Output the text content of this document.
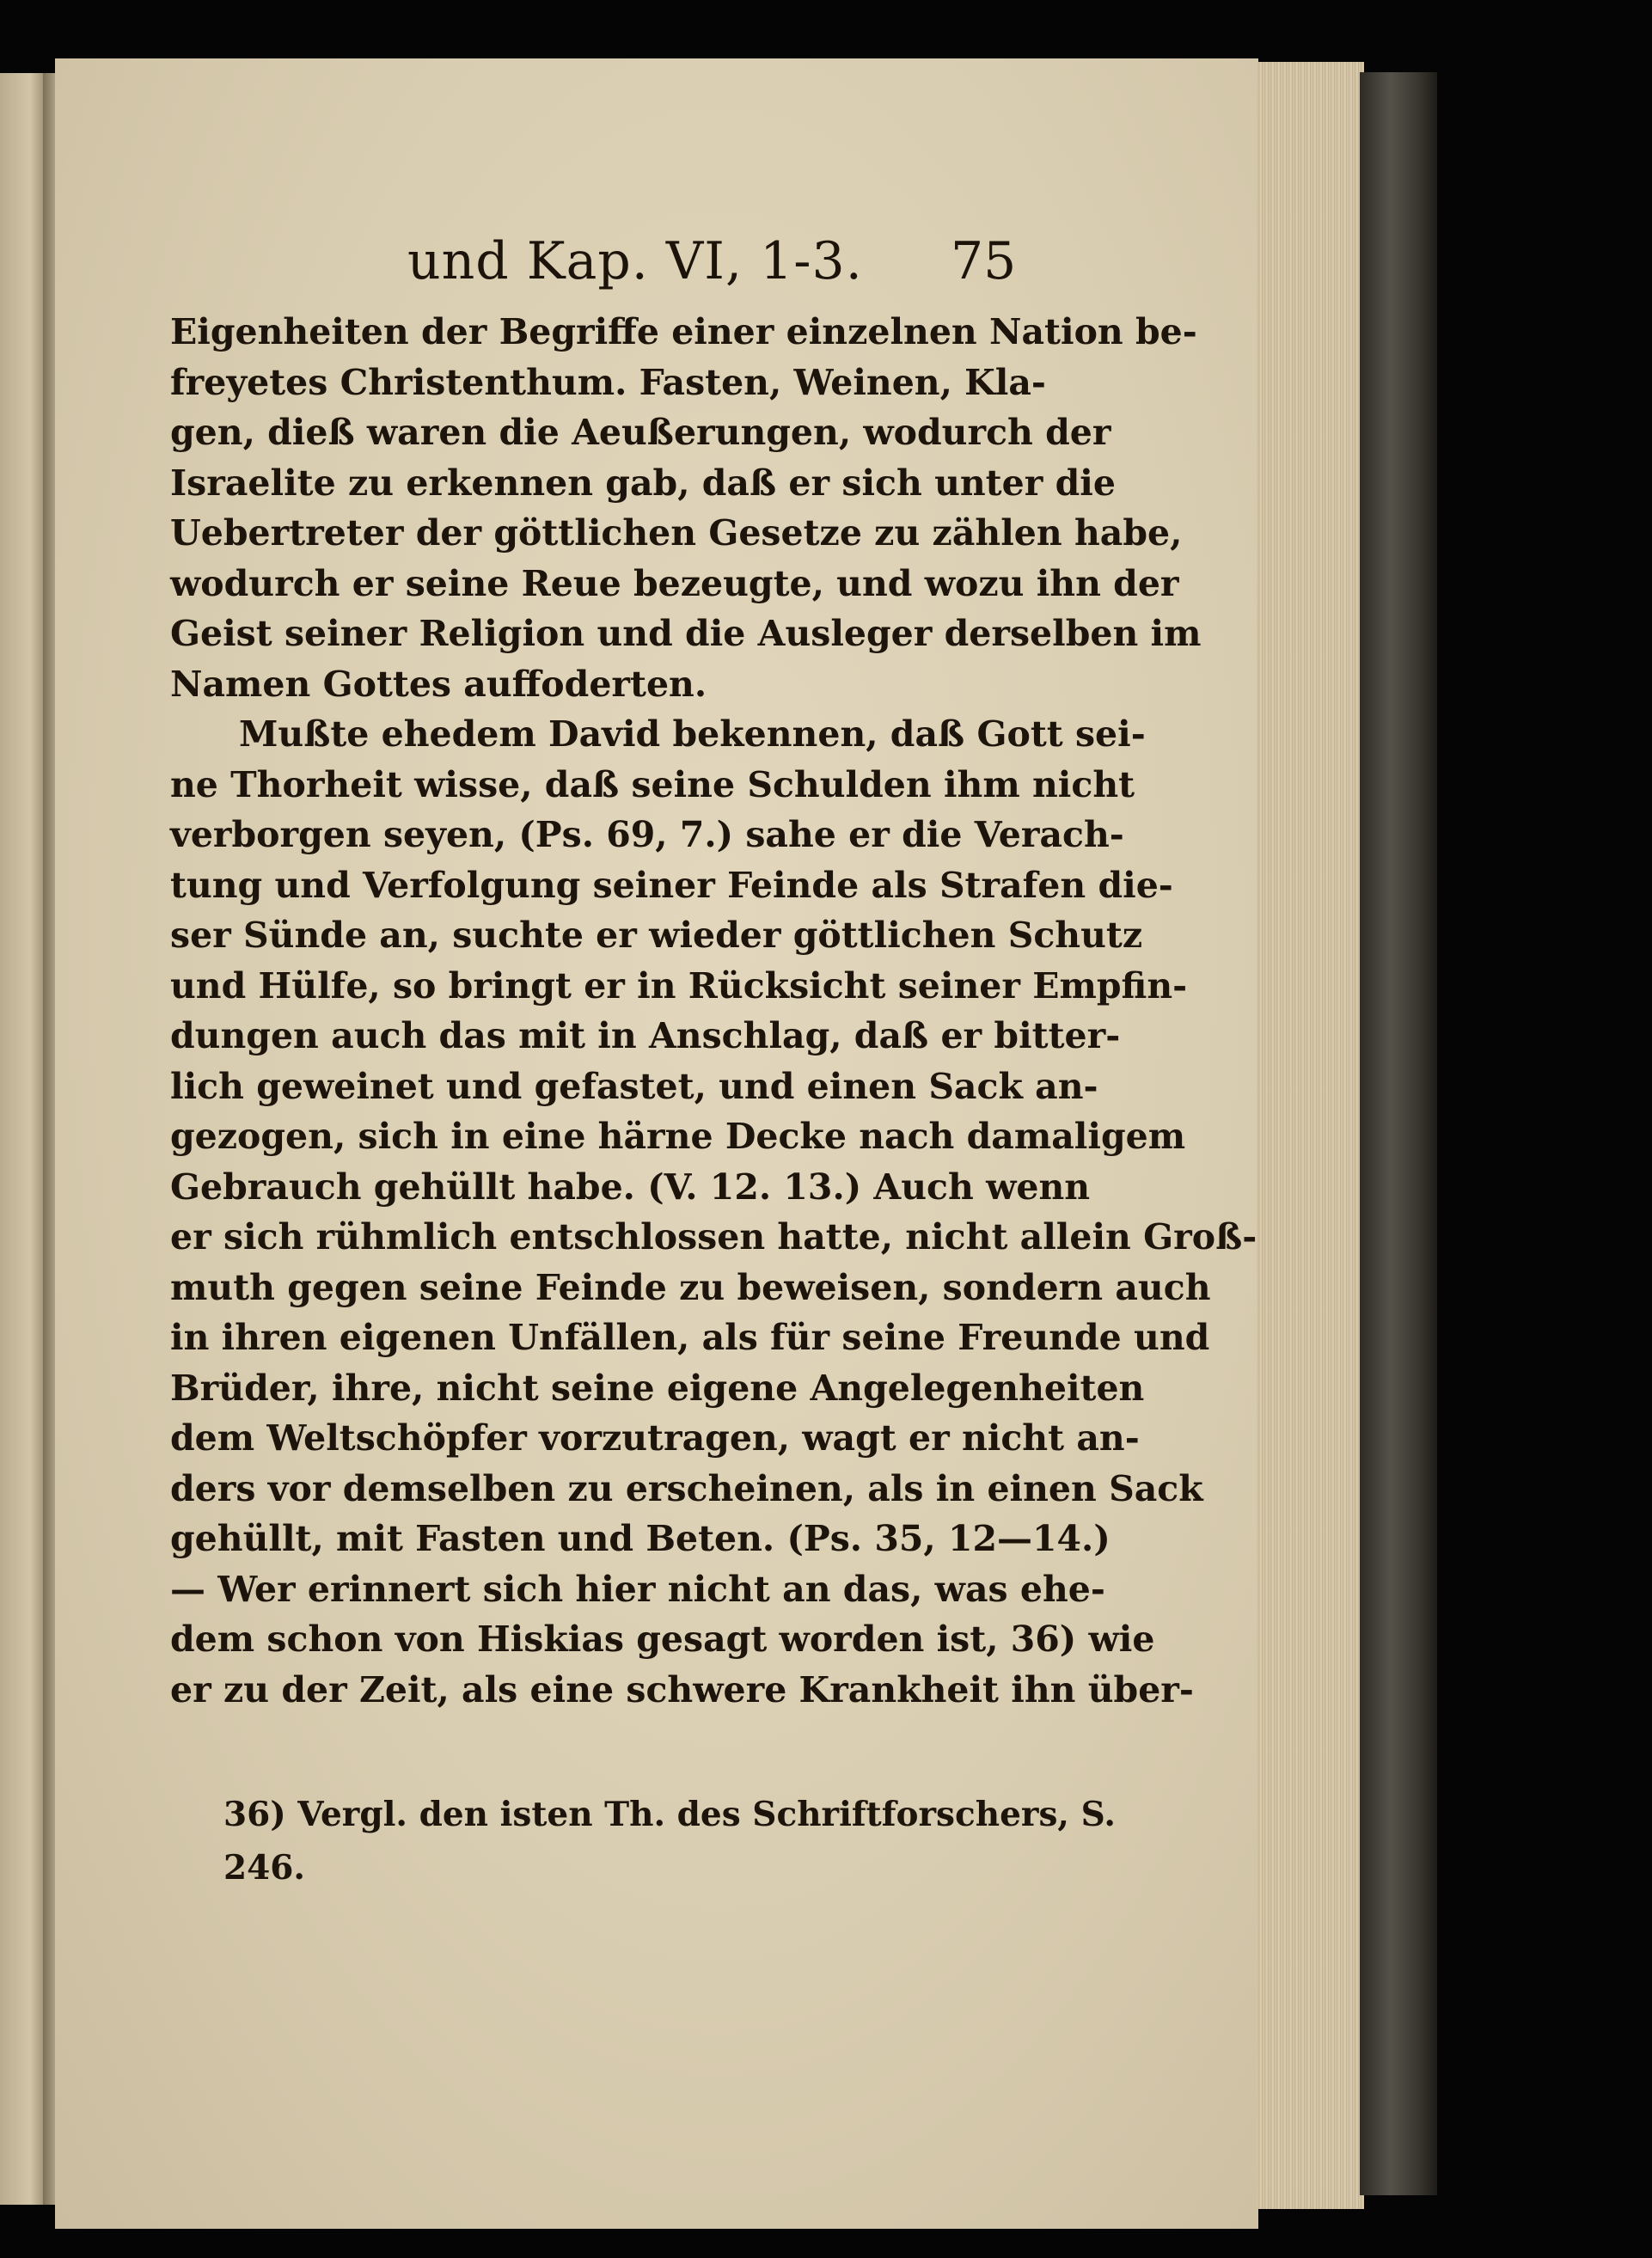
und Kap. VI, 1-3. 75
Eigenheiten der Begriffe einer einzelnen Nation be-
freyetes Christenthum. Fasten, Weinen, Kla-
gen, dieß waren die Aeußerungen, wodurch der
Israelite zu erkennen gab, daß er sich unter die
Uebertreter der göttlichen Gesetze zu zählen habe,
wodurch er seine Reue bezeugte, und wozu ihn der
Geist seiner Religion und die Ausleger derselben im
Namen Gottes auffoderten.
Mußte ehedem David bekennen, daß Gott sei-
ne Thorheit wisse, daß seine Schulden ihm nicht
verborgen seyen, (Ps. 69, 7.) sahe er die Verach-
tung und Verfolgung seiner Feinde als Strafen die-
ser Sünde an, suchte er wieder göttlichen Schutz
und Hülfe, so bringt er in Rücksicht seiner Empfin-
dungen auch das mit in Anschlag, daß er bitter-
lich geweinet und gefastet, und einen Sack an-
gezogen, sich in eine härne Decke nach damaligem
Gebrauch gehüllt habe. (V. 12. 13.) Auch wenn
er sich rühmlich entschlossen hatte, nicht allein Groß-
muth gegen seine Feinde zu beweisen, sondern auch
in ihren eigenen Unfällen, als für seine Freunde und
Brüder, ihre, nicht seine eigene Angelegenheiten
dem Weltschöpfer vorzutragen, wagt er nicht an-
ders vor demselben zu erscheinen, als in einen Sack
gehüllt, mit Fasten und Beten. (Ps. 35, 12—14.)
— Wer erinnert sich hier nicht an das, was ehe-
dem schon von Hiskias gesagt worden ist, 36) wie
er zu der Zeit, als eine schwere Krankheit ihn über-
36) Vergl. den isten Th. des Schriftforschers, S.
246.
